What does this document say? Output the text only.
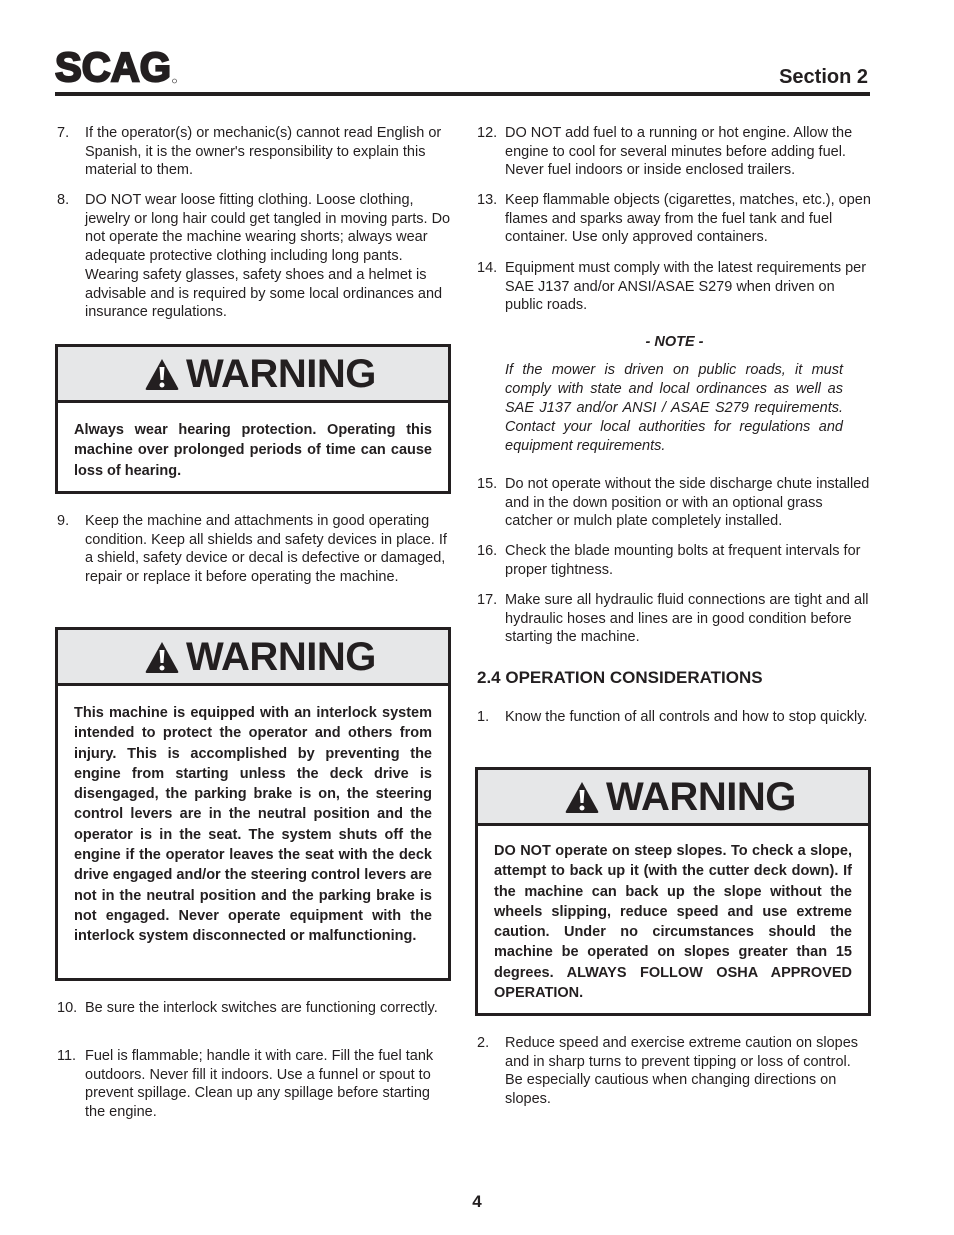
SCAG	Section 2
7. If the operator(s) or mechanic(s) cannot read English or Spanish, it is the owner's responsibility to explain this material to them.
8. DO NOT wear loose fitting clothing. Loose clothing, jewelry or long hair could get tangled in moving parts. Do not operate the machine wearing shorts; always wear adequate protective clothing including long pants. Wearing safety glasses, safety shoes and a helmet is advisable and is required by some local ordinances and insurance regulations.
WARNING
Always wear hearing protection. Operating this machine over prolonged periods of time can cause loss of hearing.
9. Keep the machine and attachments in good operating condition. Keep all shields and safety devices in place. If a shield, safety device or decal is defective or damaged, repair or replace it before operating the machine.
WARNING
This machine is equipped with an interlock system intended to protect the operator and others from injury. This is accomplished by preventing the engine from starting unless the deck drive is disengaged, the parking brake is on, the steering control levers are in the neutral position and the operator is in the seat. The system shuts off the engine if the operator leaves the seat with the deck drive engaged and/or the steering control levers are not in the neutral position and the parking brake is not engaged. Never operate equipment with the interlock system disconnected or malfunctioning.
10. Be sure the interlock switches are functioning correctly.
11. Fuel is flammable; handle it with care. Fill the fuel tank outdoors. Never fill it indoors. Use a funnel or spout to prevent spillage. Clean up any spillage before starting the engine.
12. DO NOT add fuel to a running or hot engine. Allow the engine to cool for several minutes before adding fuel. Never fuel indoors or inside enclosed trailers.
13. Keep flammable objects (cigarettes, matches, etc.), open flames and sparks away from the fuel tank and fuel container. Use only approved containers.
14. Equipment must comply with the latest requirements per SAE J137 and/or ANSI/ASAE S279 when driven on public roads.
- NOTE -
If the mower is driven on public roads, it must comply with state and local ordinances as well as SAE J137 and/or ANSI / ASAE S279 requirements. Contact your local authorities for regulations and equipment requirements.
15. Do not operate without the side discharge chute installed and in the down position or with an optional grass catcher or mulch plate completely installed.
16. Check the blade mounting bolts at frequent intervals for proper tightness.
17. Make sure all hydraulic fluid connections are tight and all hydraulic hoses and lines are in good condition before starting the machine.
2.4 OPERATION CONSIDERATIONS
1. Know the function of all controls and how to stop quickly.
WARNING
DO NOT operate on steep slopes. To check a slope, attempt to back up it (with the cutter deck down). If the machine can back up the slope without the wheels slipping, reduce speed and use extreme caution. Under no circumstances should the machine be operated on slopes greater than 15 degrees. ALWAYS FOLLOW OSHA APPROVED OPERATION.
2. Reduce speed and exercise extreme caution on slopes and in sharp turns to prevent tipping or loss of control. Be especially cautious when changing directions on slopes.
4
